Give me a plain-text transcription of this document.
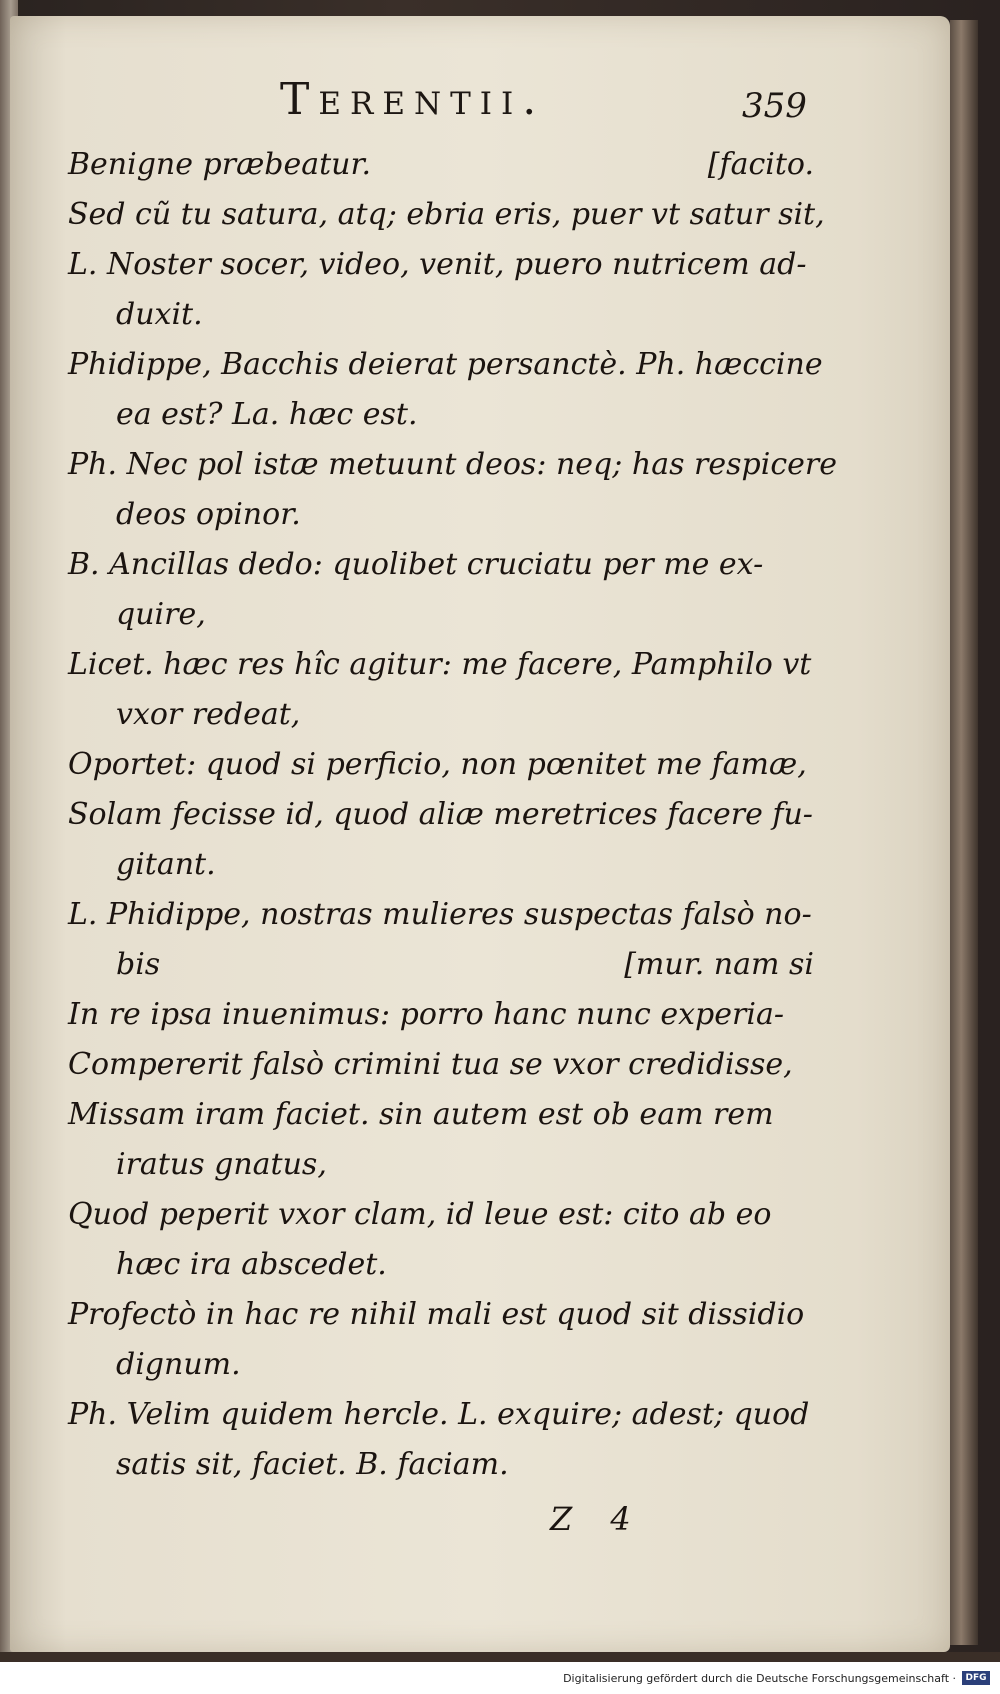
Terentii.	359
Benigne præbeatur.	[facito.
Sed cũ tu satura, atq; ebria eris, puer vt satur sit,
L. Noster socer, video, venit, puero nutricem ad-
duxit.
Phidippe, Bacchis deierat persanctè. Ph. hæccine
ea est? La. hæc est.
Ph. Nec pol istæ metuunt deos: neq; has respicere
deos opinor.
B. Ancillas dedo: quolibet cruciatu per me ex-
quire,
Licet. hæc res hîc agitur: me facere, Pamphilo vt
vxor redeat,
Oportet: quod si perficio, non pœnitet me famæ,
Solam fecisse id, quod aliæ meretrices facere fu-
gitant.
L. Phidippe, nostras mulieres suspectas falsò no-
bis	[mur. nam si
In re ipsa inuenimus: porro hanc nunc experia-
Compererit falsò crimini tua se vxor credidisse,
Missam iram faciet. sin autem est ob eam rem
iratus gnatus,
Quod peperit vxor clam, id leue est: cito ab eo
hæc ira abscedet.
Profectò in hac re nihil mali est quod sit dissidio
dignum.
Ph. Velim quidem hercle. L. exquire; adest; quod
satis sit, faciet. B. faciam.
Z 4
Digitalisierung gefördert durch die Deutsche Forschungsgemeinschaft ·	DFG
